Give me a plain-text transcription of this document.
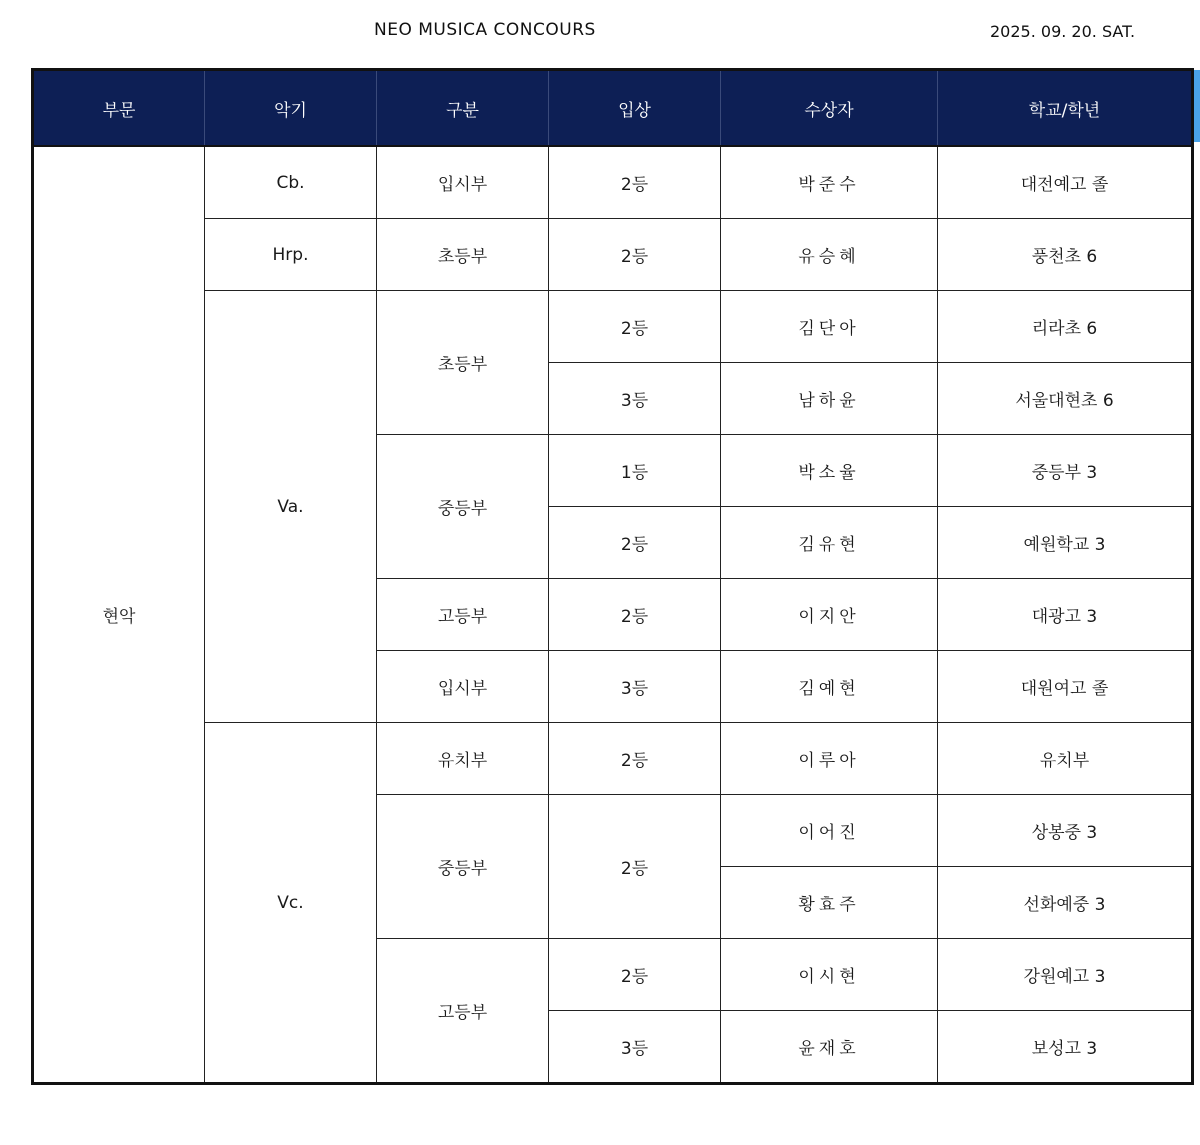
NEO MUSICA CONCOURS	2025. 09. 20. SAT.
부문	악기	구분	입상	수상자	학교/학년
현악	Cb.	입시부	2등	박준수	대전예고 졸
	Hrp.	초등부	2등	유승혜	풍천초 6
	Va.	초등부	2등	김단아	리라초 6
			3등	남하윤	서울대현초 6
		중등부	1등	박소율	중등부 3
			2등	김유현	예원학교 3
		고등부	2등	이지안	대광고 3
		입시부	3등	김예현	대원여고 졸
	Vc.	유치부	2등	이루아	유치부
		중등부	2등	이어진	상봉중 3
				황효주	선화예중 3
		고등부	2등	이시현	강원예고 3
			3등	윤재호	보성고 3
